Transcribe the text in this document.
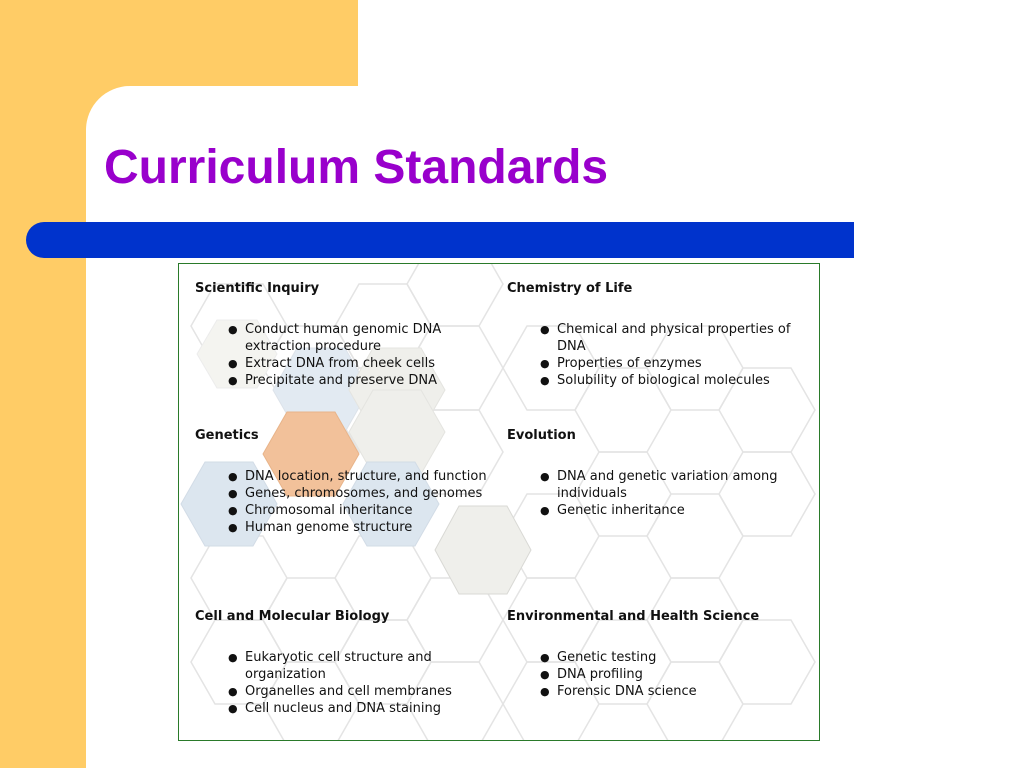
Curriculum Standards
Scientific Inquiry
● Conduct human genomic DNA extraction procedure
● Extract DNA from cheek cells
● Precipitate and preserve DNA
Chemistry of Life
● Chemical and physical properties of DNA
● Properties of enzymes
● Solubility of biological molecules
Genetics
● DNA location, structure, and function
● Genes, chromosomes, and genomes
● Chromosomal inheritance
● Human genome structure
Evolution
● DNA and genetic variation among individuals
● Genetic inheritance
Cell and Molecular Biology
● Eukaryotic cell structure and organization
● Organelles and cell membranes
● Cell nucleus and DNA staining
Environmental and Health Science
● Genetic testing
● DNA profiling
● Forensic DNA science
